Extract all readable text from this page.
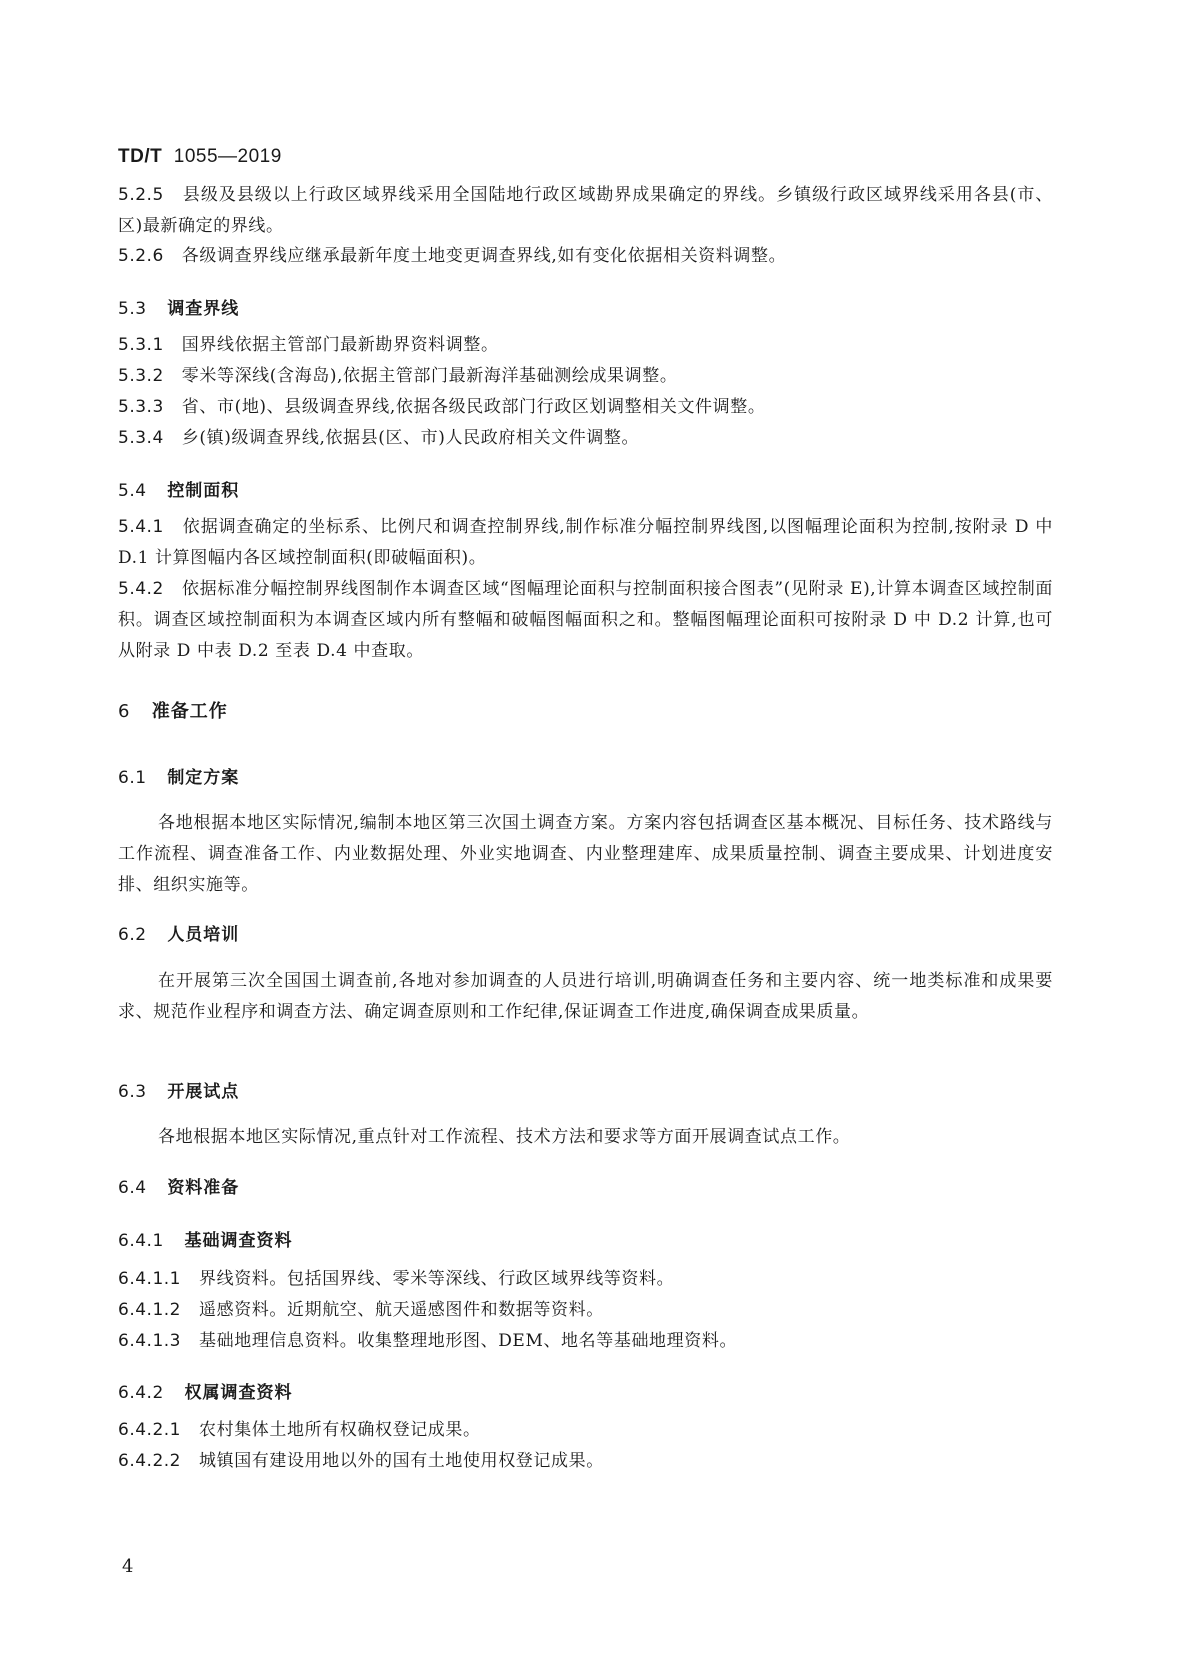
TD/T 1055—2019
5.2.5 县级及县级以上行政区域界线采用全国陆地行政区域勘界成果确定的界线。乡镇级行政区域界线采用各县(市、区)最新确定的界线。
5.2.6 各级调查界线应继承最新年度土地变更调查界线,如有变化依据相关资料调整。
5.3 调查界线
5.3.1 国界线依据主管部门最新勘界资料调整。
5.3.2 零米等深线(含海岛),依据主管部门最新海洋基础测绘成果调整。
5.3.3 省、市(地)、县级调查界线,依据各级民政部门行政区划调整相关文件调整。
5.3.4 乡(镇)级调查界线,依据县(区、市)人民政府相关文件调整。
5.4 控制面积
5.4.1 依据调查确定的坐标系、比例尺和调查控制界线,制作标准分幅控制界线图,以图幅理论面积为控制,按附录 D 中 D.1 计算图幅内各区域控制面积(即破幅面积)。
5.4.2 依据标准分幅控制界线图制作本调查区域“图幅理论面积与控制面积接合图表”(见附录 E),计算本调查区域控制面积。调查区域控制面积为本调查区域内所有整幅和破幅图幅面积之和。整幅图幅理论面积可按附录 D 中 D.2 计算,也可从附录 D 中表 D.2 至表 D.4 中查取。
6 准备工作
6.1 制定方案
各地根据本地区实际情况,编制本地区第三次国土调查方案。方案内容包括调查区基本概况、目标任务、技术路线与工作流程、调查准备工作、内业数据处理、外业实地调查、内业整理建库、成果质量控制、调查主要成果、计划进度安排、组织实施等。
6.2 人员培训
在开展第三次全国国土调查前,各地对参加调查的人员进行培训,明确调查任务和主要内容、统一地类标准和成果要求、规范作业程序和调查方法、确定调查原则和工作纪律,保证调查工作进度,确保调查成果质量。
6.3 开展试点
各地根据本地区实际情况,重点针对工作流程、技术方法和要求等方面开展调查试点工作。
6.4 资料准备
6.4.1 基础调查资料
6.4.1.1 界线资料。包括国界线、零米等深线、行政区域界线等资料。
6.4.1.2 遥感资料。近期航空、航天遥感图件和数据等资料。
6.4.1.3 基础地理信息资料。收集整理地形图、DEM、地名等基础地理资料。
6.4.2 权属调查资料
6.4.2.1 农村集体土地所有权确权登记成果。
6.4.2.2 城镇国有建设用地以外的国有土地使用权登记成果。
4
